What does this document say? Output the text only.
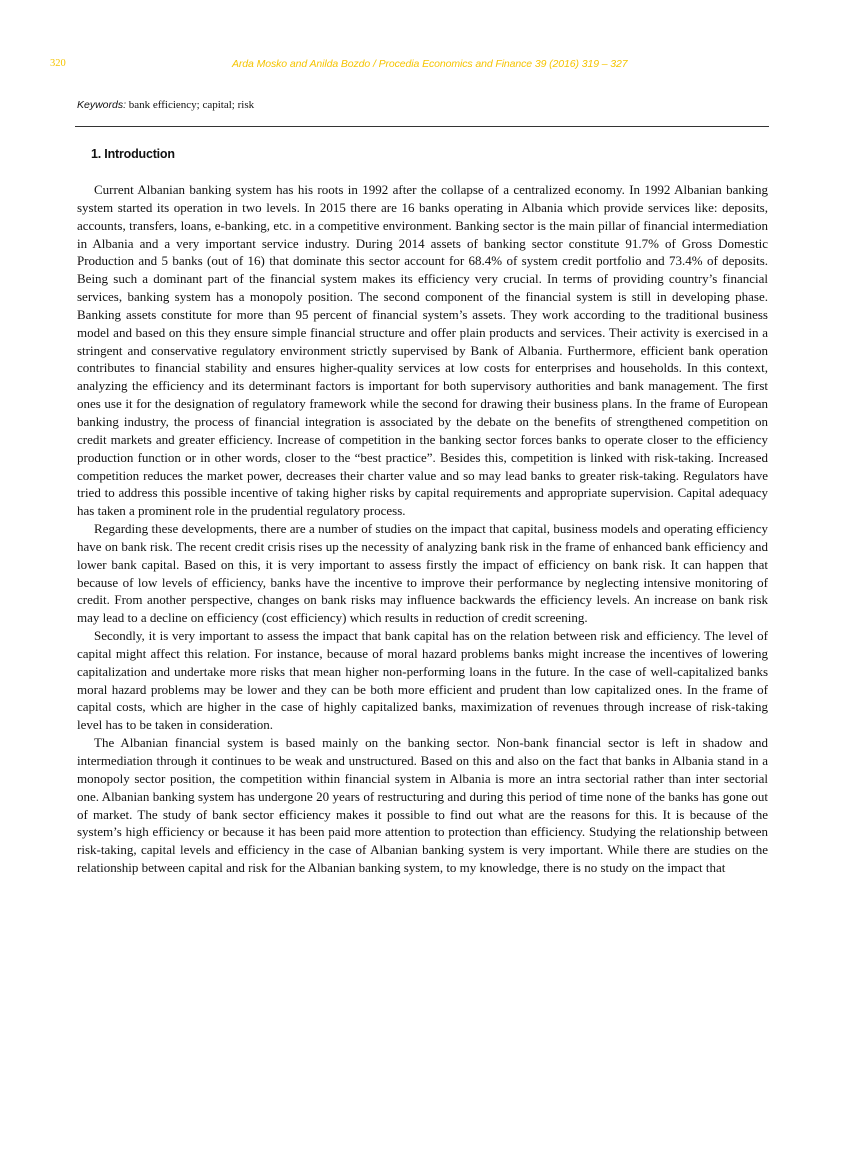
320	Arda Mosko and Anilda Bozdo / Procedia Economics and Finance 39 (2016) 319 – 327
Keywords: bank efficiency; capital; risk
1. Introduction

Current Albanian banking system has his roots in 1992 after the collapse of a centralized economy. In 1992 Albanian banking system started its operation in two levels. In 2015 there are 16 banks operating in Albania which provide services like: deposits, accounts, transfers, loans, e-banking, etc. in a competitive environment. Banking sector is the main pillar of financial intermediation in Albania and a very important service industry. During 2014 assets of banking sector constitute 91.7% of Gross Domestic Production and 5 banks (out of 16) that dominate this sector account for 68.4% of system credit portfolio and 73.4% of deposits. Being such a dominant part of the financial system makes its efficiency very crucial. In terms of providing country’s financial services, banking system has a monopoly position. The second component of the financial system is still in developing phase. Banking assets constitute for more than 95 percent of financial system’s assets. They work according to the traditional business model and based on this they ensure simple financial structure and offer plain products and services. Their activity is exercised in a stringent and conservative regulatory environment strictly supervised by Bank of Albania. Furthermore, efficient bank operation contributes to financial stability and ensures higher-quality services at low costs for enterprises and households. In this context, analyzing the efficiency and its determinant factors is important for both supervisory authorities and bank management. The first ones use it for the designation of regulatory framework while the second for drawing their business plans. In the frame of European banking industry, the process of financial integration is associated by the debate on the benefits of strengthened competition on credit markets and greater efficiency. Increase of competition in the banking sector forces banks to operate closer to the efficiency production function or in other words, closer to the “best practice”. Besides this, competition is linked with risk-taking. Increased competition reduces the market power, decreases their charter value and so may lead banks to greater risk-taking. Regulators have tried to address this possible incentive of taking higher risks by capital requirements and appropriate supervision. Capital adequacy has taken a prominent role in the prudential regulatory process.

Regarding these developments, there are a number of studies on the impact that capital, business models and operating efficiency have on bank risk. The recent credit crisis rises up the necessity of analyzing bank risk in the frame of enhanced bank efficiency and lower bank capital. Based on this, it is very important to assess firstly the impact of efficiency on bank risk. It can happen that because of low levels of efficiency, banks have the incentive to improve their performance by neglecting intensive monitoring of credit. From another perspective, changes on bank risks may influence backwards the efficiency levels. An increase on bank risk may lead to a decline on efficiency (cost efficiency) which results in reduction of credit screening.

Secondly, it is very important to assess the impact that bank capital has on the relation between risk and efficiency. The level of capital might affect this relation. For instance, because of moral hazard problems banks might increase the incentives of lowering capitalization and undertake more risks that mean higher non-performing loans in the future. In the case of well-capitalized banks moral hazard problems may be lower and they can be both more efficient and prudent than low capitalized ones. In the frame of capital costs, which are higher in the case of highly capitalized banks, maximization of revenues through increase of risk-taking level has to be taken in consideration.

The Albanian financial system is based mainly on the banking sector. Non-bank financial sector is left in shadow and intermediation through it continues to be weak and unstructured. Based on this and also on the fact that banks in Albania stand in a monopoly sector position, the competition within financial system in Albania is more an intra sectorial rather than inter sectorial one. Albanian banking system has undergone 20 years of restructuring and during this period of time none of the banks has gone out of market. The study of bank sector efficiency makes it possible to find out what are the reasons for this. It is because of the system’s high efficiency or because it has been paid more attention to protection than efficiency. Studying the relationship between risk-taking, capital levels and efficiency in the case of Albanian banking system is very important. While there are studies on the relationship between capital and risk for the Albanian banking system, to my knowledge, there is no study on the impact that
